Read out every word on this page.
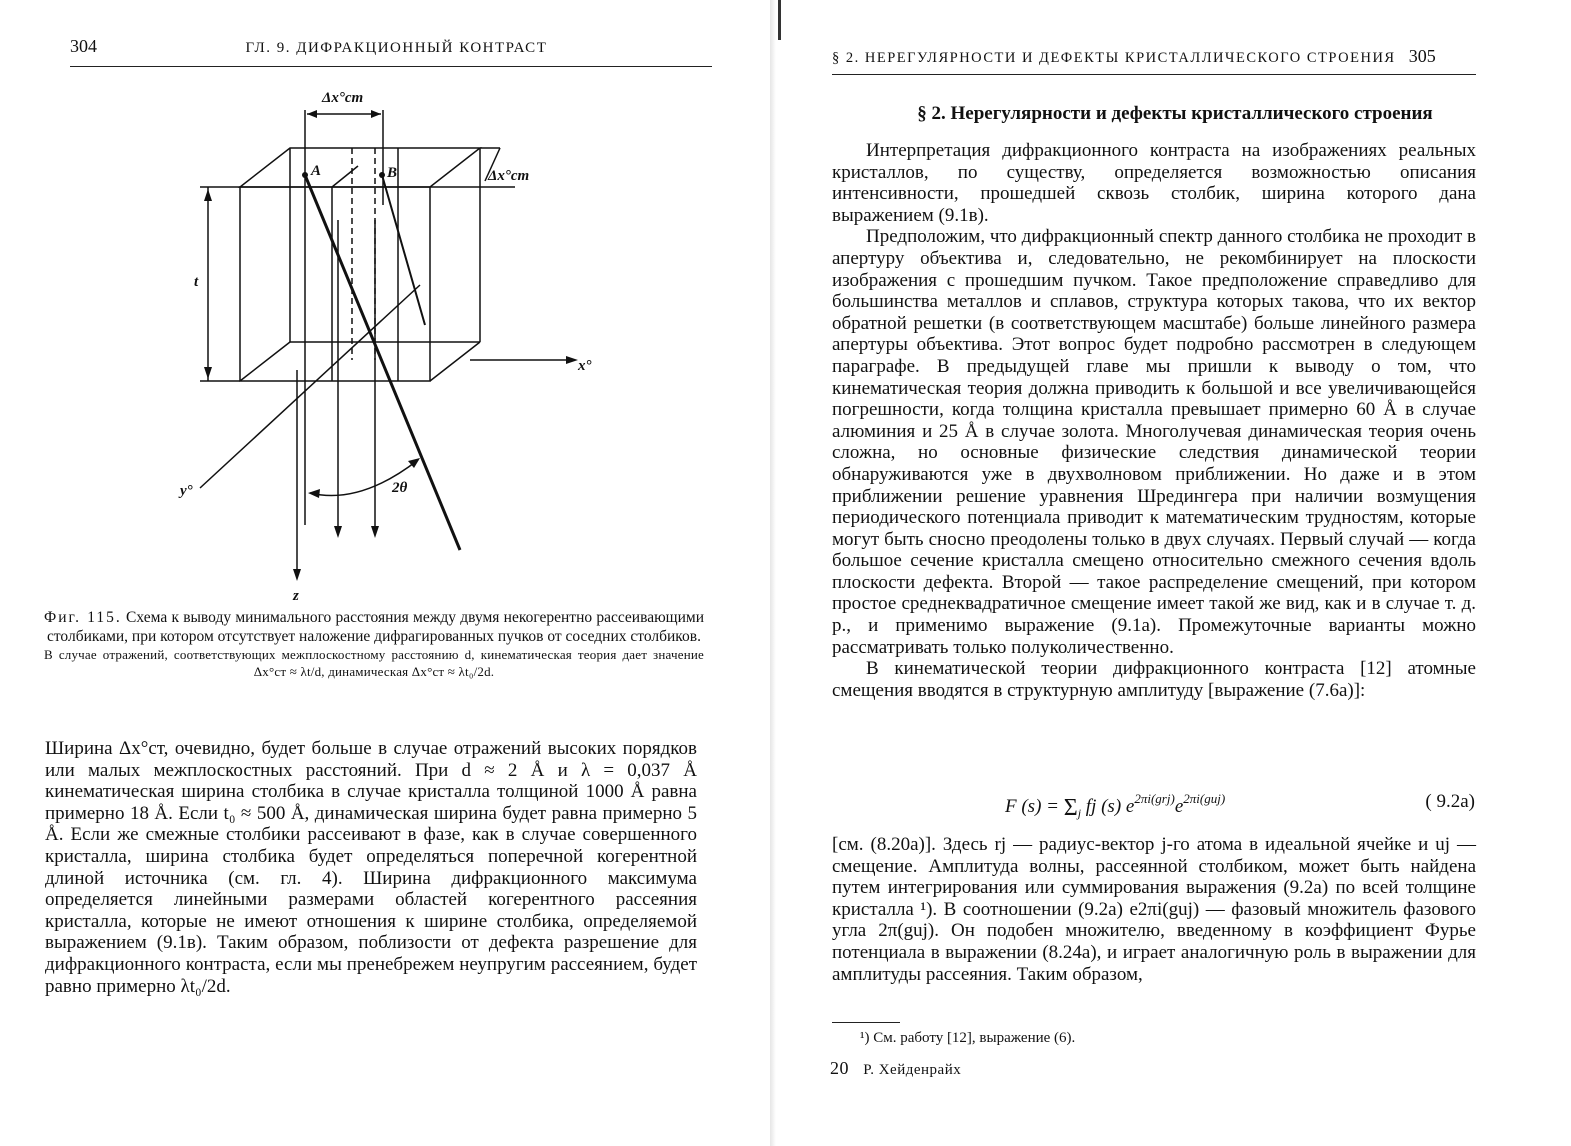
304	ГЛ. 9. ДИФРАКЦИОННЫЙ КОНТРАСТ
Δx°ст
Δx°ст
A	B
t
x°
y°
z
2θ
Фиг. 115. Схема к выводу минимального расстояния между двумя некогерентно рассеивающими столбиками, при котором отсутствует наложение дифрагированных пучков от соседних столбиков.
В случае отражений, соответствующих межплоскостному расстоянию d, кинематическая теория дает значение Δx°ст ≈ λt/d, динамическая Δx°ст ≈ λt₀/2d.

Ширина Δx°ст, очевидно, будет больше в случае отражений высоких порядков или малых межплоскостных расстояний. При d ≈ 2 Å и λ = 0,037 Å кинематическая ширина столбика в случае кристалла толщиной 1000 Å равна примерно 18 Å. Если t₀ ≈ 500 Å, динамическая ширина будет равна примерно 5 Å. Если же смежные столбики рассеивают в фазе, как в случае совершенного кристалла, ширина столбика будет определяться поперечной когерентной длиной источника (см. гл. 4). Ширина дифракционного максимума определяется линейными размерами областей когерентного рассеяния кристалла, которые не имеют отношения к ширине столбика, определяемой выражением (9.1в). Таким образом, поблизости от дефекта разрешение для дифракционного контраста, если мы пренебрежем неупругим рассеянием, будет равно примерно λt₀/2d.

§ 2. НЕРЕГУЛЯРНОСТИ И ДЕФЕКТЫ КРИСТАЛЛИЧЕСКОГО СТРОЕНИЯ 305
§ 2. Нерегулярности и дефекты кристаллического строения

Интерпретация дифракционного контраста на изображениях реальных кристаллов, по существу, определяется возможностью описания интенсивности, прошедшей сквозь столбик, ширина которого дана выражением (9.1в).

Предположим, что дифракционный спектр данного столбика не проходит в апертуру объектива и, следовательно, не рекомбинирует на плоскости изображения с прошедшим пучком. Такое предположение справедливо для большинства металлов и сплавов, структура которых такова, что их вектор обратной решетки (в соответствующем масштабе) больше линейного размера апертуры объектива. Этот вопрос будет подробно рассмотрен в следующем параграфе. В предыдущей главе мы пришли к выводу о том, что кинематическая теория должна приводить к большой и все увеличивающейся погрешности, когда толщина кристалла превышает примерно 60 Å в случае алюминия и 25 Å в случае золота. Многолучевая динамическая теория очень сложна, но основные физические следствия динамической теории обнаруживаются уже в двухволновом приближении. Но даже и в этом приближении решение уравнения Шредингера при наличии возмущения периодического потенциала приводит к математическим трудностям, которые могут быть сносно преодолены только в двух случаях. Первый случай — когда большое сечение кристалла смещено относительно смежного сечения вдоль плоскости дефекта. Второй — такое распределение смещений, при котором простое среднеквадратичное смещение имеет такой же вид, как и в случае т. д. р., и применимо выражение (9.1а). Промежуточные варианты можно рассматривать только полуколичественно.

В кинематической теории дифракционного контраста [12] атомные смещения вводятся в структурную амплитуду [выражение (7.6а)]:

F $(s) = \Sigma_j$ fj (s) $e^{2\pi i(grj)}e^{2\pi i(guj)}$	( 9.2а)

[см. (8.20а)]. Здесь rj — радиус-вектор j-го атома в идеальной ячейке и uj — смещение. Амплитуда волны, рассеянной столбиком, может быть найдена путем интегрирования или суммирования выражения (9.2а) по всей толщине кристалла ¹). В соотношении (9.2а) e2πi(guj) — фазовый множитель фазового угла 2π(guj). Он подобен множителю, введенному в коэффициент Фурье потенциала в выражении (8.24а), и играет аналогичную роль в выражении для амплитуды рассеяния. Таким образом,

¹) См. работу [12], выражение (6).
20 Р. Хейденрайх
